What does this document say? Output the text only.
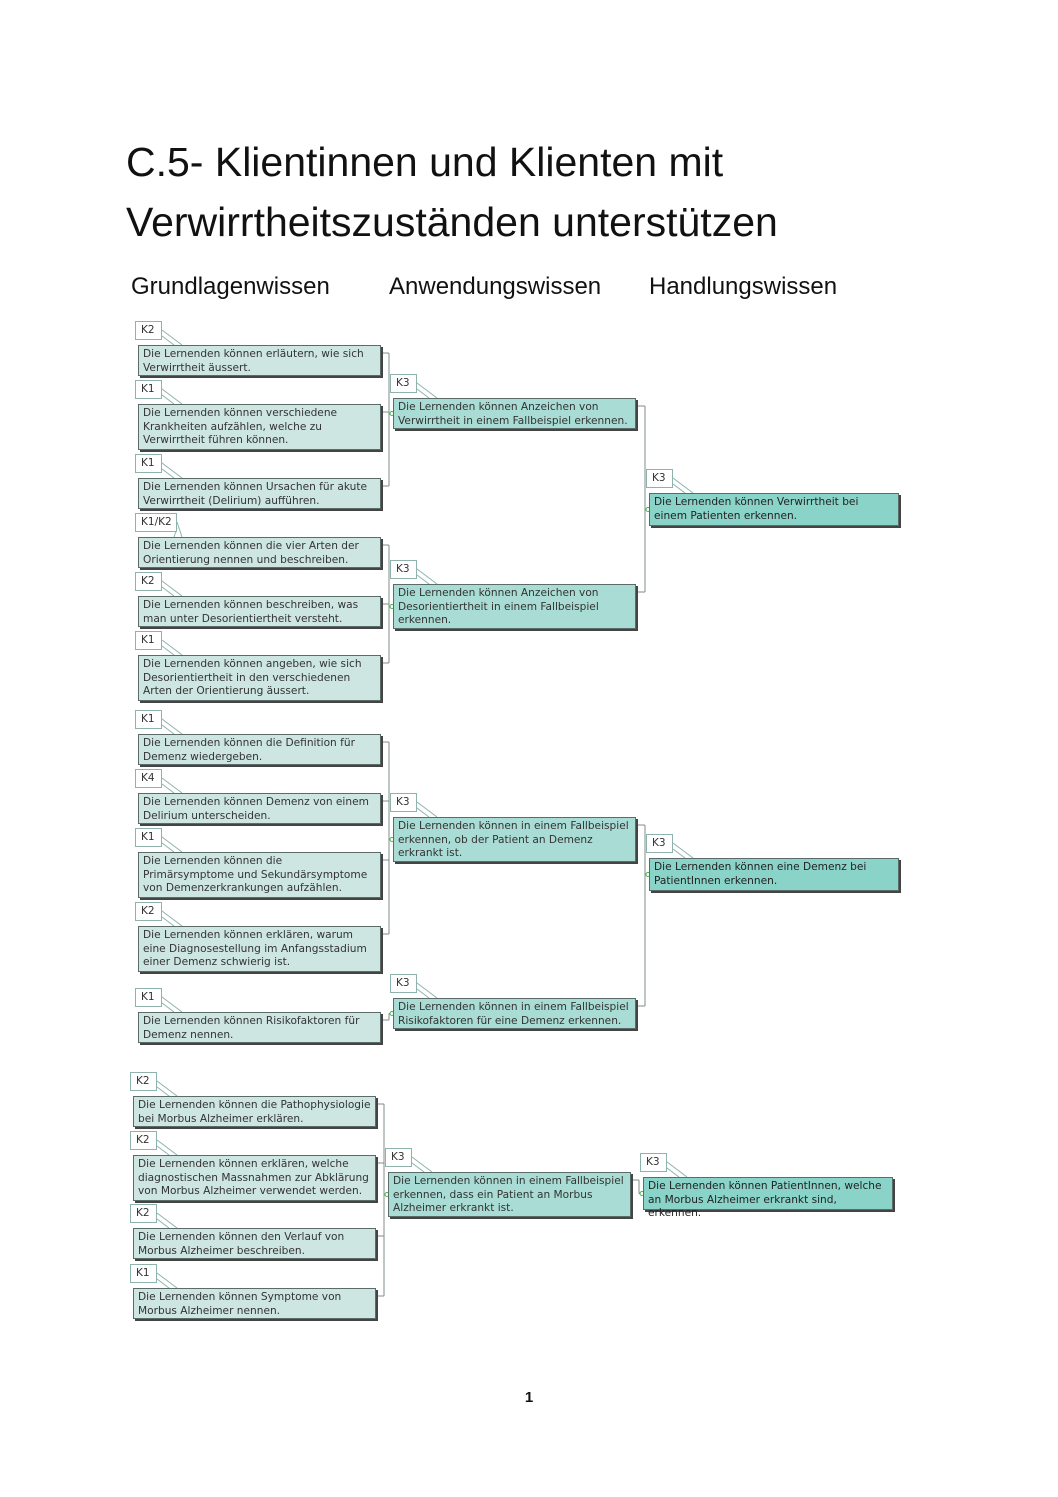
C.5- Klientinnen und Klienten mit Verwirrtheitszuständen unterstützen
Grundlagenwissen Anwendungswissen Handlungswissen
K2
Die Lernenden können erläutern, wie sich Verwirrtheit äussert.
K1
Die Lernenden können verschiedene Krankheiten aufzählen, welche zu Verwirrtheit führen können.
K1
Die Lernenden können Ursachen für akute Verwirrtheit (Delirium) aufführen.
K1/K2
Die Lernenden können die vier Arten der Orientierung nennen und beschreiben.
K2
Die Lernenden können beschreiben, was man unter Desorientiertheit versteht.
K1
Die Lernenden können angeben, wie sich Desorientiertheit in den verschiedenen Arten der Orientierung äussert.
K1
Die Lernenden können die Definition für Demenz wiedergeben.
K4
Die Lernenden können Demenz von einem Delirium unterscheiden.
K1
Die Lernenden können die Primärsymptome und Sekundärsymptome von Demenzerkrankungen aufzählen.
K2
Die Lernenden können erklären, warum eine Diagnosestellung im Anfangsstadium einer Demenz schwierig ist.
K1
Die Lernenden können Risikofaktoren für Demenz nennen.
K2
Die Lernenden können die Pathophysiologie bei Morbus Alzheimer erklären.
K2
Die Lernenden können erklären, welche diagnostischen Massnahmen zur Abklärung von Morbus Alzheimer verwendet werden.
K2
Die Lernenden können den Verlauf von Morbus Alzheimer beschreiben.
K1
Die Lernenden können Symptome von Morbus Alzheimer nennen.
K3
Die Lernenden können Anzeichen von Verwirrtheit in einem Fallbeispiel erkennen.
K3
Die Lernenden können Anzeichen von Desorientiertheit in einem Fallbeispiel erkennen.
K3
Die Lernenden können in einem Fallbeispiel erkennen, ob der Patient an Demenz erkrankt ist.
K3
Die Lernenden können in einem Fallbeispiel Risikofaktoren für eine Demenz erkennen.
K3
Die Lernenden können in einem Fallbeispiel erkennen, dass ein Patient an Morbus Alzheimer erkrankt ist.
K3
Die Lernenden können Verwirrtheit bei einem Patienten erkennen.
K3
Die Lernenden können eine Demenz bei PatientInnen erkennen.
K3
Die Lernenden können PatientInnen, welche an Morbus Alzheimer erkrankt sind, erkennen.
1
